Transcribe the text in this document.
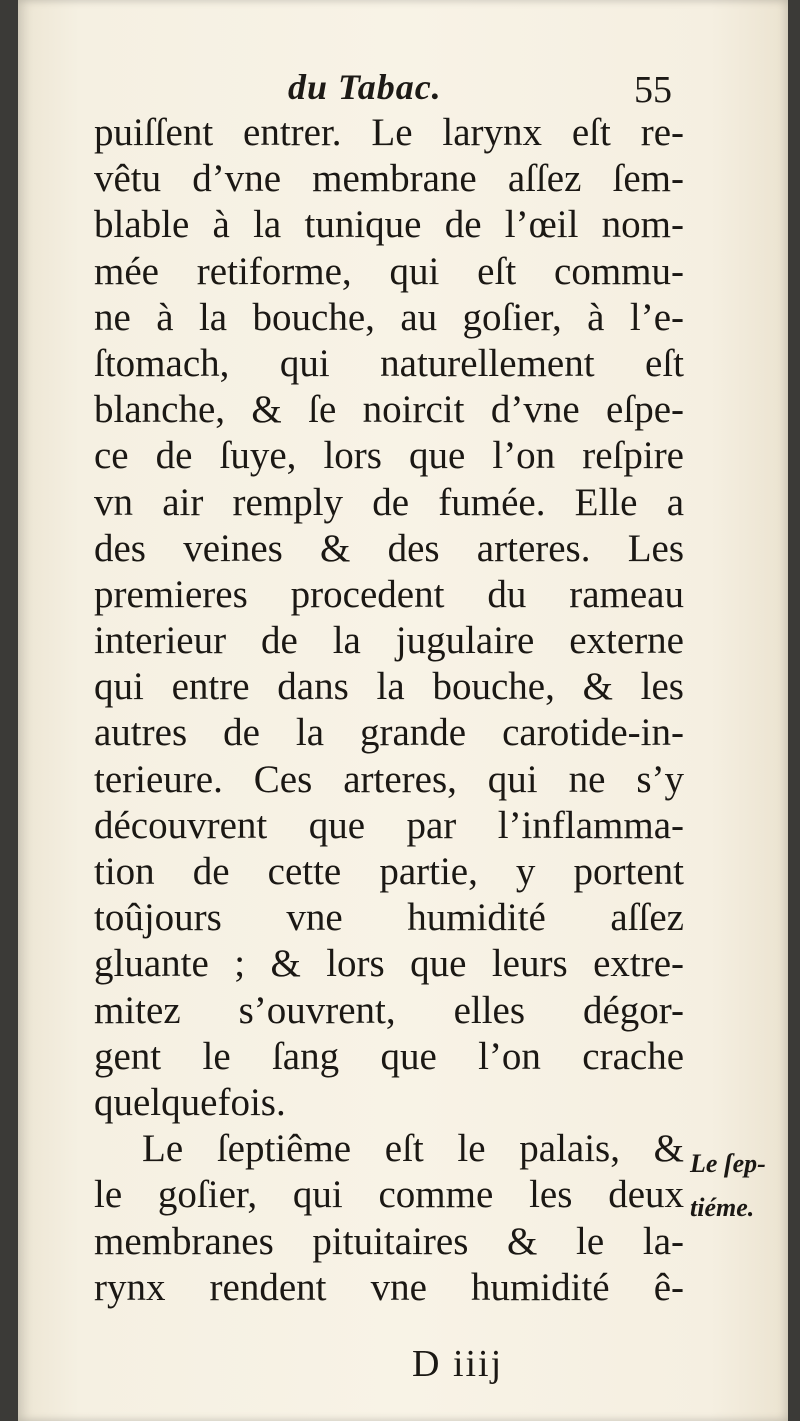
du Tabac.	55
puiſſent entrer. Le larynx eſt re-
vêtu d’vne membrane aſſez ſem-
blable à la tunique de l’œil nom-
mée retiforme, qui eſt commu-
ne à la bouche, au goſier, à l’e-
ſtomach, qui naturellement eſt
blanche, & ſe noircit d’vne eſpe-
ce de ſuye, lors que l’on reſpire
vn air remply de fumée. Elle a
des veines & des arteres. Les
premieres procedent du rameau
interieur de la jugulaire externe
qui entre dans la bouche, & les
autres de la grande carotide-in-
terieure. Ces arteres, qui ne s’y
découvrent que par l’inflamma-
tion de cette partie, y portent
toûjours vne humidité aſſez
gluante ; & lors que leurs extre-
mitez s’ouvrent, elles dégor-
gent le ſang que l’on crache
quelquefois.
Le ſeptiême eſt le palais, &
le goſier, qui comme les deux
membranes pituitaires & le la-
rynx rendent vne humidité ê-
Le ſep-
tiéme.
D iiij
